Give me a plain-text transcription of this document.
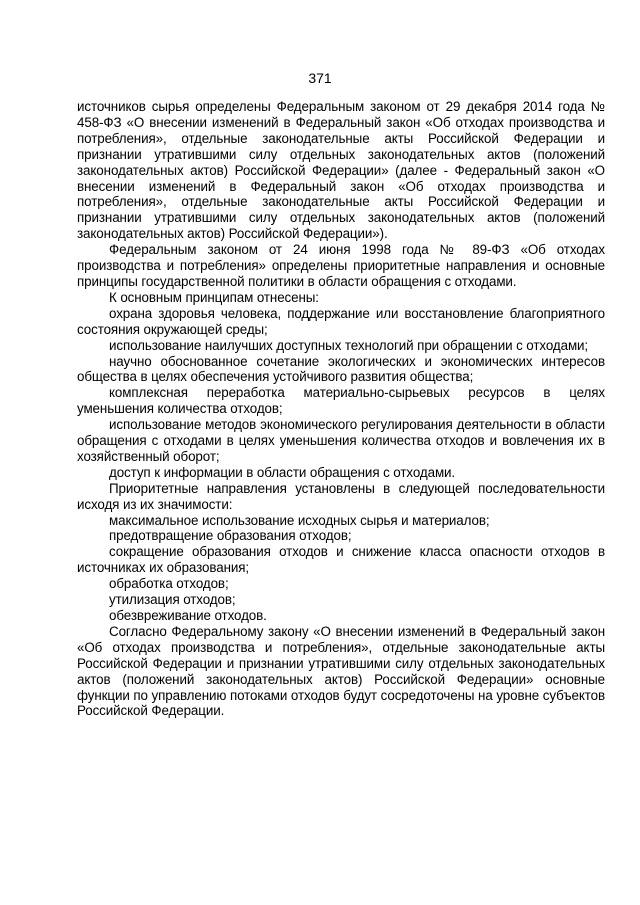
371

источников сырья определены Федеральным законом от 29 декабря 2014 года № 458-ФЗ «О внесении изменений в Федеральный закон «Об отходах производства и потребления», отдельные законодательные акты Российской Федерации и признании утратившими силу отдельных законодательных актов (положений законодательных актов) Российской Федерации» (далее - Федеральный закон «О внесении изменений в Федеральный закон «Об отходах производства и потребления», отдельные законодательные акты Российской Федерации и признании утратившими силу отдельных законодательных актов (положений законодательных актов) Российской Федерации»).

Федеральным законом от 24 июня 1998 года № 89-ФЗ «Об отходах производства и потребления» определены приоритетные направления и основные принципы государственной политики в области обращения с отходами.

К основным принципам отнесены:

охрана здоровья человека, поддержание или восстановление благоприятного состояния окружающей среды;

использование наилучших доступных технологий при обращении с отходами;

научно обоснованное сочетание экологических и экономических интересов общества в целях обеспечения устойчивого развития общества;

комплексная переработка материально-сырьевых ресурсов в целях уменьшения количества отходов;

использование методов экономического регулирования деятельности в области обращения с отходами в целях уменьшения количества отходов и вовлечения их в хозяйственный оборот;

доступ к информации в области обращения с отходами.

Приоритетные направления установлены в следующей последовательности исходя из их значимости:

максимальное использование исходных сырья и материалов;

предотвращение образования отходов;

сокращение образования отходов и снижение класса опасности отходов в источниках их образования;

обработка отходов;

утилизация отходов;

обезвреживание отходов.

Согласно Федеральному закону «О внесении изменений в Федеральный закон «Об отходах производства и потребления», отдельные законодательные акты Российской Федерации и признании утратившими силу отдельных законодательных актов (положений законодательных актов) Российской Федерации» основные функции по управлению потоками отходов будут сосредоточены на уровне субъектов Российской Федерации.
